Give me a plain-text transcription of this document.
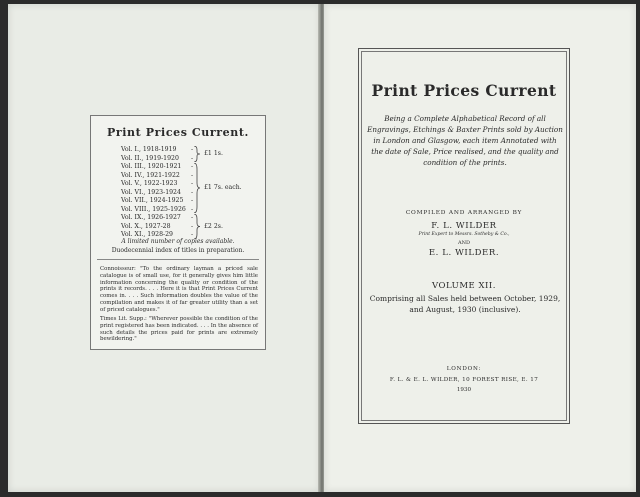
Print Prices Current.
Vol. I., 1918-1919 -
Vol. II., 1919-1920 -
Vol. III., 1920-1921 -
Vol. IV., 1921-1922 -
Vol. V., 1922-1923 -
Vol. VI., 1923-1924 -
Vol. VII., 1924-1925 -
Vol. VIII., 1925-1926 -
Vol. IX., 1926-1927 -
Vol. X., 1927-28	-
Vol. XI., 1928-29	-
£1 1s.
£1 7s. each.
£2 2s.
A limited number of copies available.
Duodecennial index of titles in preparation.
Connoisseur: "To the ordinary layman a priced sale catalogue is of small use, for it generally gives him little information concerning the quality or condition of the prints it records. . . . Here it is that Print Prices Current comes in. . . . Such information doubles the value of the compilation and makes it of far greater utility than a set of priced catalogues."
Times Lit. Supp.: "Wherever possible the condition of the print registered has been indicated. . . . In the absence of such details the prices paid for prints are extremely bewildering."
Print Prices Current
Being a Complete Alphabetical Record of all Engravings, Etchings & Baxter Prints sold by Auction in London and Glasgow, each item Annotated with the date of Sale, Price realised, and the quality and condition of the prints.
COMPILED AND ARRANGED BY
F. L. WILDER
Print Expert to Messrs. Sotheby & Co.,
AND
E. L. WILDER.
VOLUME XII.
Comprising all Sales held between October, 1929, and August, 1930 (inclusive).
LONDON:
F. L. & E. L. WILDER, 10 FOREST RISE, E. 17
1930
